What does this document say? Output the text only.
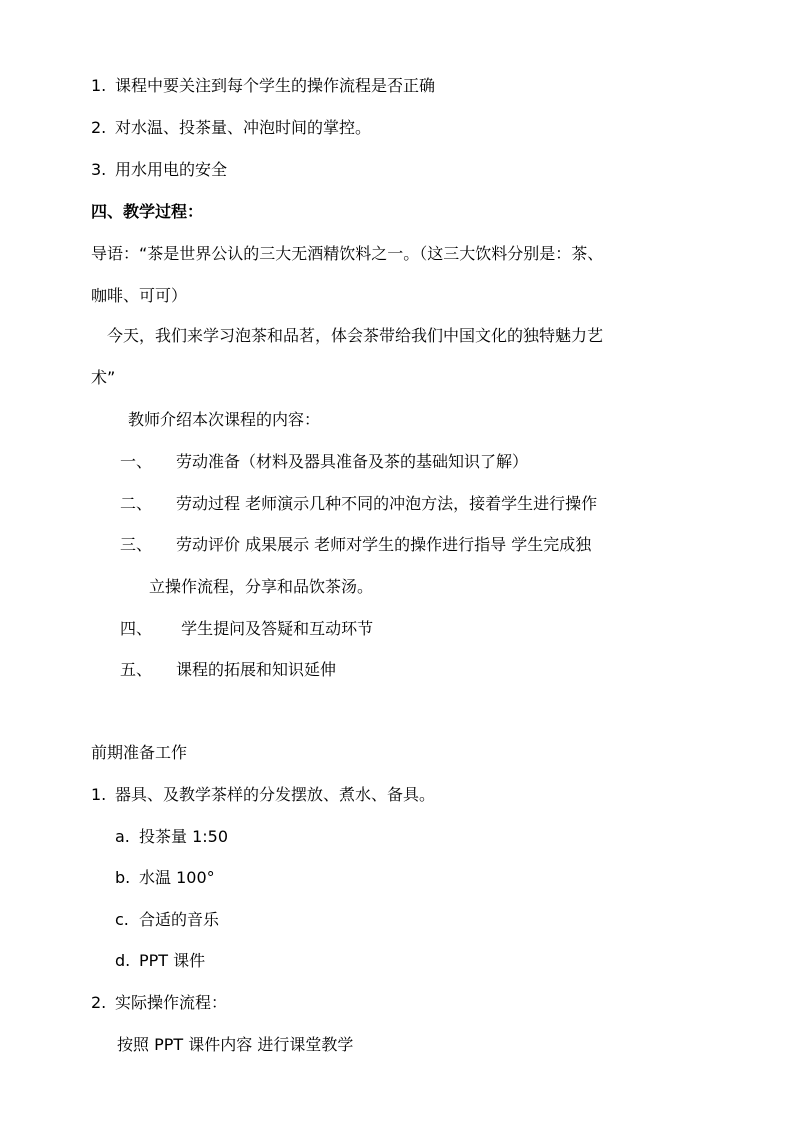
1. 课程中要关注到每个学生的操作流程是否正确
2. 对水温、投茶量、冲泡时间的掌控。
3. 用水用电的安全
四、教学过程：
导语：“茶是世界公认的三大无酒精饮料之一。（这三大饮料分别是：茶、
咖啡、可可）
今天，我们来学习泡茶和品茗，体会茶带给我们中国文化的独特魅力艺
术”
教师介绍本次课程的内容：
一、 劳动准备（材料及器具准备及茶的基础知识了解）
二、 劳动过程 老师演示几种不同的冲泡方法，接着学生进行操作
三、 劳动评价 成果展示 老师对学生的操作进行指导 学生完成独
立操作流程，分享和品饮茶汤。
四、 学生提问及答疑和互动环节
五、 课程的拓展和知识延伸
前期准备工作
1. 器具、及教学茶样的分发摆放、煮水、备具。
a. 投茶量 1:50
b. 水温 100°
c. 合适的音乐
d. PPT 课件
2. 实际操作流程：
按照 PPT 课件内容 进行课堂教学
